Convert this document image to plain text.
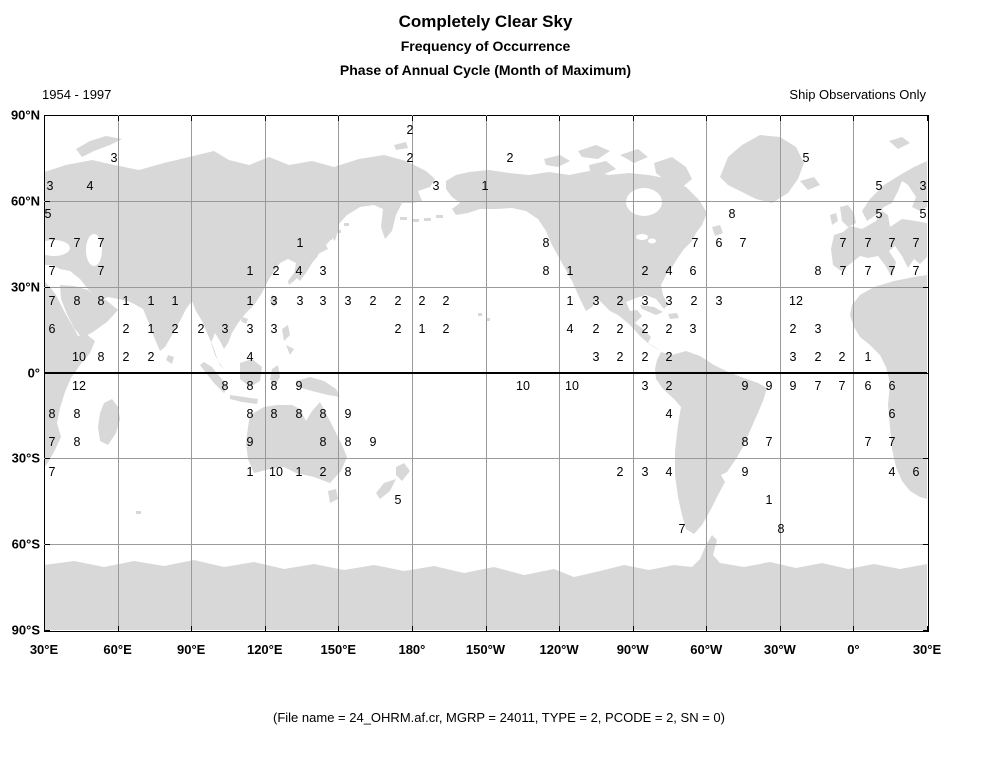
Completely Clear Sky
Frequency of Occurrence
Phase of Annual Cycle (Month of Maximum)
1954 - 1997	Ship Observations Only
30°E	60°E	90°E	120°E	150°E	180°	150°W	120°W	90°W	60°W	30°W	0°	30°E
90°N
60°N
30°N
0°
30°S
60°S
90°S
2
3	2	2	5
3	4	3	1	5	3
5	8	5	5
7 7 7	1	8	7 6 7	7 7 7 7
7	7	1 2 4 3	8 1	2 4 6	8 7 7 7 7
7 8 8 1 1 1	1 3 3 3 3 2 2 2 2	1 3 2 3 3 2 3	12
6	2 1 2 2 3 3 3	2 1 2	4 2 2 2 2 3	2 3
10 8 2 2	4	3 2 2 2	3 2 2 1
12	8 8 8 9	10	10	3 2	9 9 9 7 7 6 6
8 8	8 8 8 8 9	4	6
7 8	9	8 8 9	8 7	7 7
7	1 10 1 2 8	2 3 4	9	4 6
5	1
7	8
(File name = 24_OHRM.af.cr, MGRP = 24011, TYPE = 2, PCODE = 2, SN = 0)
